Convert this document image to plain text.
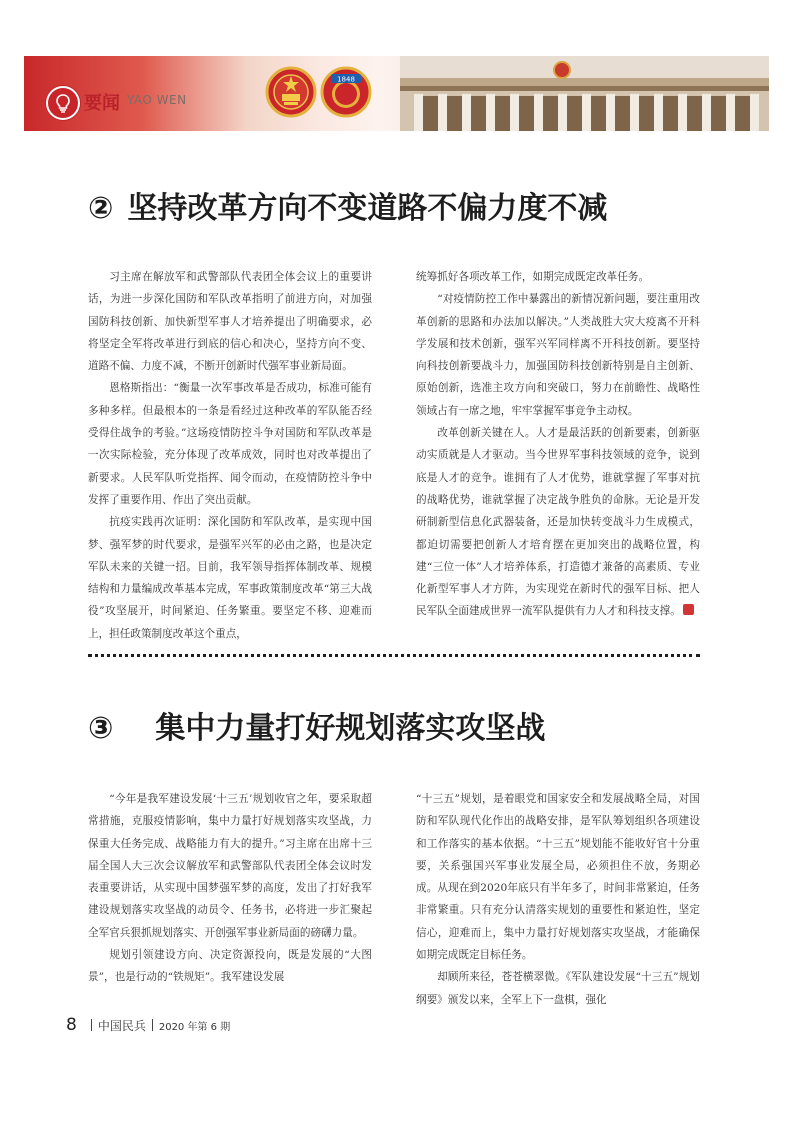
要闻 YAO WEN
1848
② 坚持改革方向不变道路不偏力度不减

习主席在解放军和武警部队代表团全体会议上的重要讲话，为进一步深化国防和军队改革指明了前进方向，对加强国防科技创新、加快新型军事人才培养提出了明确要求，必将坚定全军将改革进行到底的信心和决心，坚持方向不变、道路不偏、力度不减，不断开创新时代强军事业新局面。

恩格斯指出：“衡量一次军事改革是否成功，标准可能有多种多样。但最根本的一条是看经过这种改革的军队能否经受得住战争的考验。”这场疫情防控斗争对国防和军队改革是一次实际检验，充分体现了改革成效，同时也对改革提出了新要求。人民军队听党指挥、闻令而动，在疫情防控斗争中发挥了重要作用、作出了突出贡献。

抗疫实践再次证明：深化国防和军队改革，是实现中国梦、强军梦的时代要求，是强军兴军的必由之路，也是决定军队未来的关键一招。目前，我军领导指挥体制改革、规模结构和力量编成改革基本完成，军事政策制度改革“第三大战役”攻坚展开，时间紧迫、任务繁重。要坚定不移、迎难而上，担任政策制度改革这个重点，

统筹抓好各项改革工作，如期完成既定改革任务。

“对疫情防控工作中暴露出的新情况新问题，要注重用改革创新的思路和办法加以解决。”人类战胜大灾大疫离不开科学发展和技术创新，强军兴军同样离不开科技创新。要坚持向科技创新要战斗力，加强国防科技创新特别是自主创新、原始创新，选准主攻方向和突破口，努力在前瞻性、战略性领域占有一席之地，牢牢掌握军事竞争主动权。

改革创新关键在人。人才是最活跃的创新要素，创新驱动实质就是人才驱动。当今世界军事科技领域的竞争，说到底是人才的竞争。谁拥有了人才优势，谁就掌握了军事对抗的战略优势，谁就掌握了决定战争胜负的命脉。无论是开发研制新型信息化武器装备，还是加快转变战斗力生成模式，都迫切需要把创新人才培育摆在更加突出的战略位置，构建“三位一体”人才培养体系，打造德才兼备的高素质、专业化新型军事人才方阵，为实现党在新时代的强军目标、把人民军队全面建成世界一流军队提供有力人才和科技支撑。

③ 集中力量打好规划落实攻坚战

“今年是我军建设发展‘十三五’规划收官之年，要采取超常措施，克服疫情影响，集中力量打好规划落实攻坚战，力保重大任务完成、战略能力有大的提升。”习主席在出席十三届全国人大三次会议解放军和武警部队代表团全体会议时发表重要讲话，从实现中国梦强军梦的高度，发出了打好我军建设规划落实攻坚战的动员令、任务书，必将进一步汇聚起全军官兵狠抓规划落实、开创强军事业新局面的磅礴力量。

规划引领建设方向、决定资源投向，既是发展的“大图景”，也是行动的“铁规矩”。我军建设发展

“十三五”规划，是着眼党和国家安全和发展战略全局，对国防和军队现代化作出的战略安排，是军队筹划组织各项建设和工作落实的基本依据。“十三五”规划能不能收好官十分重要，关系强国兴军事业发展全局，必须担住不放，务期必成。从现在到2020年底只有半年多了，时间非常紧迫，任务非常繁重。只有充分认清落实规划的重要性和紧迫性，坚定信心，迎难而上，集中力量打好规划落实攻坚战，才能确保如期完成既定目标任务。

却顾所来径，苍苍横翠微。《军队建设发展“十三五”规划纲要》颁发以来，全军上下一盘棋，强化

8 中国民兵 2020 年第 6 期
